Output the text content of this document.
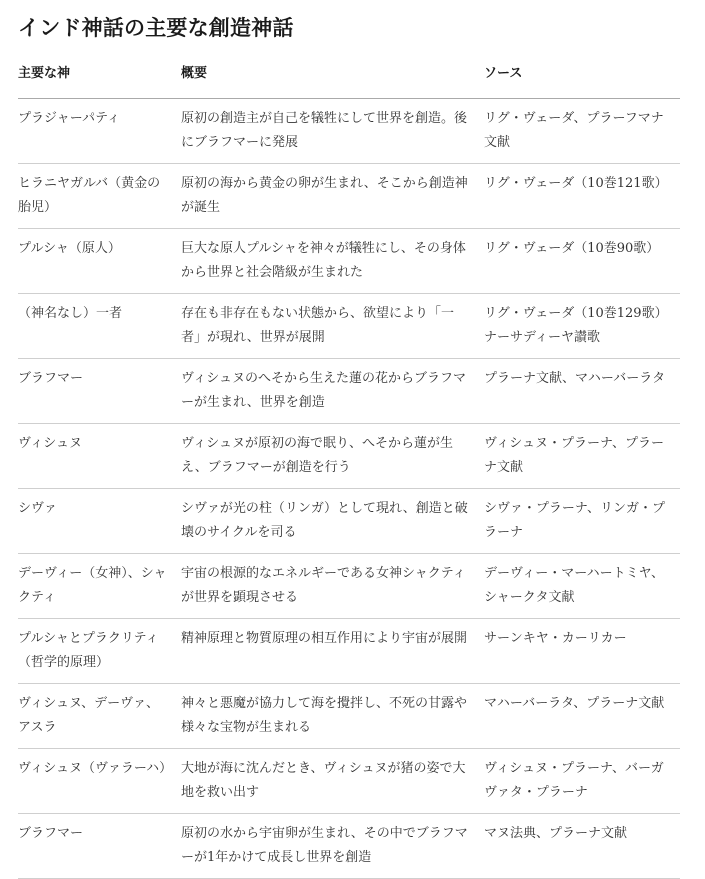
インド神話の主要な創造神話
主要な神	概要	ソース
プラジャーパティ	原初の創造主が自己を犠牲にして世界を創造。後にブラフマーに発展	リグ・ヴェーダ、プラーフマナ文献
ヒラニヤガルバ（黄金の胎児）	原初の海から黄金の卵が生まれ、そこから創造神が誕生	リグ・ヴェーダ（10巻121歌）
プルシャ（原人）	巨大な原人プルシャを神々が犠牲にし、その身体から世界と社会階級が生まれた	リグ・ヴェーダ（10巻90歌）
（神名なし）一者	存在も非存在もない状態から、欲望により「一者」が現れ、世界が展開	リグ・ヴェーダ（10巻129歌）ナーサディーヤ讃歌
ブラフマー	ヴィシュヌのへそから生えた蓮の花からブラフマーが生まれ、世界を創造	プラーナ文献、マハーバーラタ
ヴィシュヌ	ヴィシュヌが原初の海で眠り、へそから蓮が生え、ブラフマーが創造を行う	ヴィシュヌ・プラーナ、プラーナ文献
シヴァ	シヴァが光の柱（リンガ）として現れ、創造と破壊のサイクルを司る	シヴァ・プラーナ、リンガ・プラーナ
デーヴィー（女神）、シャクティ	宇宙の根源的なエネルギーである女神シャクティが世界を顕現させる	デーヴィー・マーハートミヤ、シャークタ文献
プルシャとプラクリティ（哲学的原理）	精神原理と物質原理の相互作用により宇宙が展開	サーンキヤ・カーリカー
ヴィシュヌ、デーヴァ、アスラ	神々と悪魔が協力して海を攪拌し、不死の甘露や様々な宝物が生まれる	マハーバーラタ、プラーナ文献
ヴィシュヌ（ヴァラーハ）	大地が海に沈んだとき、ヴィシュヌが猪の姿で大地を救い出す	ヴィシュヌ・プラーナ、バーガヴァタ・プラーナ
ブラフマー	原初の水から宇宙卵が生まれ、その中でブラフマーが1年かけて成長し世界を創造	マヌ法典、プラーナ文献
